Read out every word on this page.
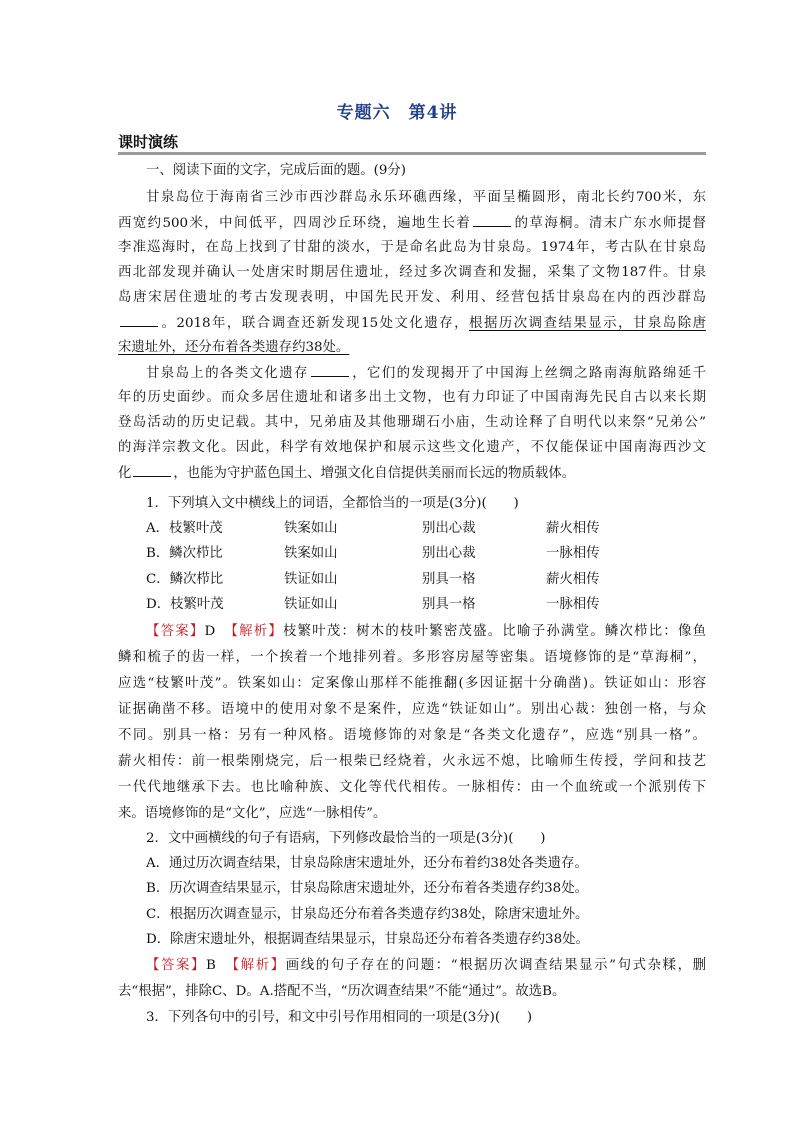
专题六　第4讲
课时演练
一、阅读下面的文字，完成后面的题。(9分)
甘泉岛位于海南省三沙市西沙群岛永乐环礁西缘，平面呈椭圆形，南北长约700米，东
西宽约500米，中间低平，四周沙丘环绕，遍地生长着	的草海桐。清末广东水师提督
李准巡海时，在岛上找到了甘甜的淡水，于是命名此岛为甘泉岛。1974年，考古队在甘泉岛
西北部发现并确认一处唐宋时期居住遗址，经过多次调查和发掘，采集了文物187件。甘泉
岛唐宋居住遗址的考古发现表明，中国先民开发、利用、经营包括甘泉岛在内的西沙群岛
。2018年，联合调查还新发现15处文化遗存，根据历次调查结果显示，甘泉岛除唐
宋遗址外，还分布着各类遗存约38处。
甘泉岛上的各类文化遗存	，它们的发现揭开了中国海上丝绸之路南海航路绵延千
年的历史面纱。而众多居住遗址和诸多出土文物，也有力印证了中国南海先民自古以来长期
登岛活动的历史记载。其中，兄弟庙及其他珊瑚石小庙，生动诠释了自明代以来祭“兄弟公”
的海洋宗教文化。因此，科学有效地保护和展示这些文化遗产，不仅能保证中国南海西沙文
化	，也能为守护蓝色国土、增强文化自信提供美丽而长远的物质载体。
1．下列填入文中横线上的词语，全都恰当的一项是(3分)(　　)
A．枝繁叶茂	铁案如山	别出心裁	薪火相传
B．鳞次栉比	铁案如山	别出心裁	一脉相传
C．鳞次栉比	铁证如山	别具一格	薪火相传
D．枝繁叶茂	铁证如山	别具一格	一脉相传
【答案】D　 【解析】枝繁叶茂：树木的枝叶繁密茂盛。比喻子孙满堂。鳞次栉比：像鱼
鳞和梳子的齿一样，一个挨着一个地排列着。多形容房屋等密集。语境修饰的是“草海桐”，
应选“枝繁叶茂”。铁案如山：定案像山那样不能推翻(多因证据十分确凿)。铁证如山：形容
证据确凿不移。语境中的使用对象不是案件，应选“铁证如山”。别出心裁：独创一格，与众
不同。别具一格：另有一种风格。语境修饰的对象是“各类文化遗存”，应选“别具一格”。
薪火相传：前一根柴刚烧完，后一根柴已经烧着，火永远不熄，比喻师生传授，学问和技艺
一代代地继承下去。也比喻种族、文化等代代相传。一脉相传：由一个血统或一个派别传下
来。语境修饰的是“文化”，应选“一脉相传”。
2．文中画横线的句子有语病，下列修改最恰当的一项是(3分)(　　)
A．通过历次调查结果，甘泉岛除唐宋遗址外，还分布着约38处各类遗存。
B．历次调查结果显示，甘泉岛除唐宋遗址外，还分布着各类遗存约38处。
C．根据历次调查显示，甘泉岛还分布着各类遗存约38处，除唐宋遗址外。
D．除唐宋遗址外，根据调查结果显示，甘泉岛还分布着各类遗存约38处。
【答案】B　 【解析】画线的句子存在的问题：“根据历次调查结果显示”句式杂糅，删
去“根据”，排除C、D。A.搭配不当，“历次调查结果”不能“通过”。故选B。
3．下列各句中的引号，和文中引号作用相同的一项是(3分)(　　)
